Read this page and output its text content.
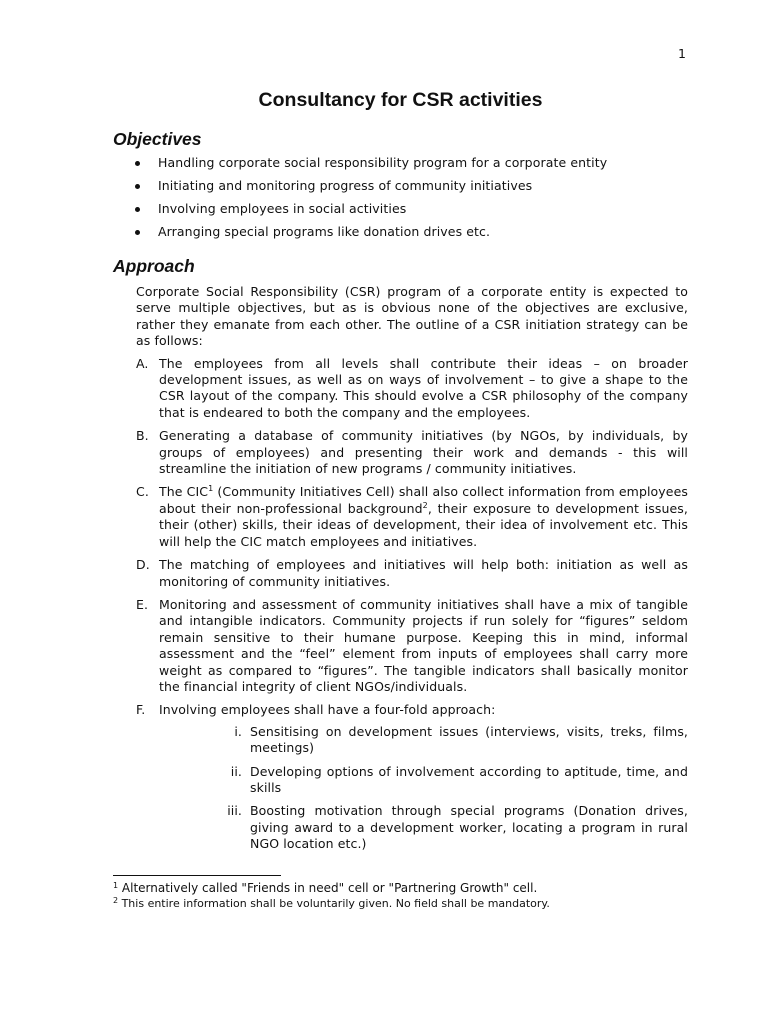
1
Consultancy for CSR activities
Objectives
Handling corporate social responsibility program for a corporate entity
Initiating and monitoring progress of community initiatives
Involving employees in social activities
Arranging special programs like donation drives etc.
Approach

Corporate Social Responsibility (CSR) program of a corporate entity is expected to serve multiple objectives, but as is obvious none of the objectives are exclusive, rather they emanate from each other. The outline of a CSR initiation strategy can be as follows:

A. The employees from all levels shall contribute their ideas – on broader development issues, as well as on ways of involvement – to give a shape to the CSR layout of the company. This should evolve a CSR philosophy of the company that is endeared to both the company and the employees.
B. Generating a database of community initiatives (by NGOs, by individuals, by groups of employees) and presenting their work and demands - this will streamline the initiation of new programs / community initiatives.
C. The CIC$^1$ (Community Initiatives Cell) shall also collect information from employees about their non-professional background$^2$, their exposure to development issues, their (other) skills, their ideas of development, their idea of involvement etc. This will help the CIC match employees and initiatives.
D. The matching of employees and initiatives will help both: initiation as well as monitoring of community initiatives.
E. Monitoring and assessment of community initiatives shall have a mix of tangible and intangible indicators. Community projects if run solely for “figures” seldom remain sensitive to their humane purpose. Keeping this in mind, informal assessment and the “feel” element from inputs of employees shall carry more weight as compared to “figures”. The tangible indicators shall basically monitor the financial integrity of client NGOs/individuals.
F. Involving employees shall have a four-fold approach:
i. Sensitising on development issues (interviews, visits, treks, films, meetings)
ii. Developing options of involvement according to aptitude, time, and skills
iii. Boosting motivation through special programs (Donation drives, giving award to a development worker, locating a program in rural NGO location etc.)

$^1$ Alternatively called "Friends in need" cell or "Partnering Growth" cell.

$^2$ This entire information shall be voluntarily given. No field shall be mandatory.
